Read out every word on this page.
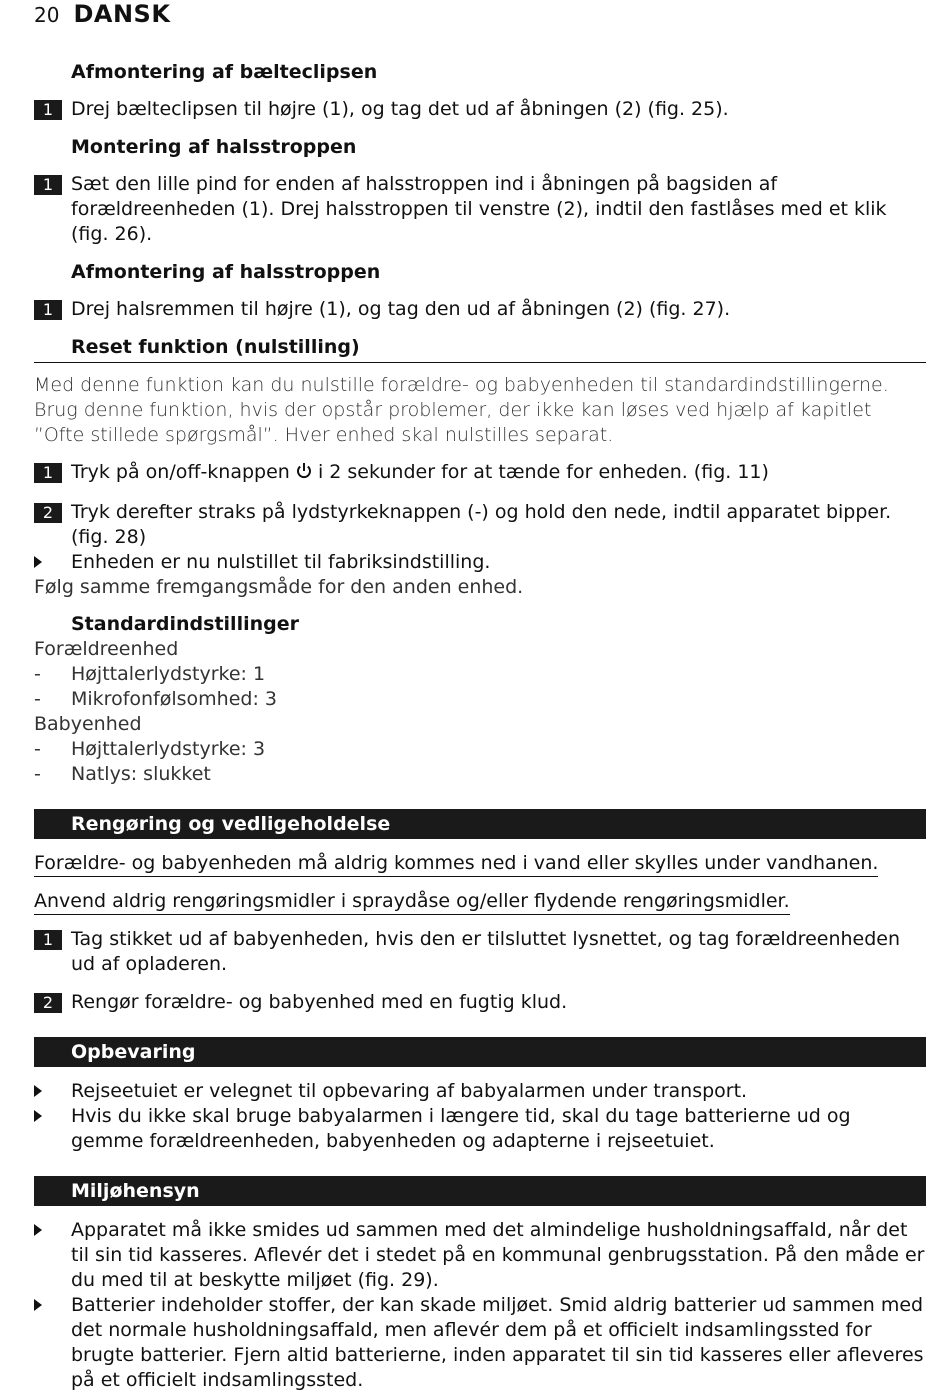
20 DANSK
Afmontering af bælteclipsen
1 Drej bælteclipsen til højre (1), og tag det ud af åbningen (2) (fig. 25).
Montering af halsstroppen
1 Sæt den lille pind for enden af halsstroppen ind i åbningen på bagsiden af forældreenheden (1). Drej halsstroppen til venstre (2), indtil den fastlåses med et klik (fig. 26).
Afmontering af halsstroppen
1 Drej halsremmen til højre (1), og tag den ud af åbningen (2) (fig. 27).
Reset funktion (nulstilling)
Med denne funktion kan du nulstille forældre- og babyenheden til standardindstillingerne. Brug denne funktion, hvis der opstår problemer, der ikke kan løses ved hjælp af kapitlet ”Ofte stillede spørgsmål”. Hver enhed skal nulstilles separat.
1 Tryk på on/off-knappen i 2 sekunder for at tænde for enheden. (fig. 11)
2 Tryk derefter straks på lydstyrkeknappen (-) og hold den nede, indtil apparatet bipper. (fig. 28)
Enheden er nu nulstillet til fabriksindstilling.
Følg samme fremgangsmåde for den anden enhed.
Standardindstillinger
Forældreenhed
- Højttalerlydstyrke: 1
- Mikrofonfølsomhed: 3
Babyenhed
- Højttalerlydstyrke: 3
- Natlys: slukket
Rengøring og vedligeholdelse
Forældre- og babyenheden må aldrig kommes ned i vand eller skylles under vandhanen.
Anvend aldrig rengøringsmidler i spraydåse og/eller flydende rengøringsmidler.
1 Tag stikket ud af babyenheden, hvis den er tilsluttet lysnettet, og tag forældreenheden ud af opladeren.
2 Rengør forældre- og babyenhed med en fugtig klud.
Opbevaring
Rejseetuiet er velegnet til opbevaring af babyalarmen under transport.
Hvis du ikke skal bruge babyalarmen i længere tid, skal du tage batterierne ud og gemme forældreenheden, babyenheden og adapterne i rejseetuiet.
Miljøhensyn
Apparatet må ikke smides ud sammen med det almindelige husholdningsaffald, når det til sin tid kasseres. Aflevér det i stedet på en kommunal genbrugsstation. På den måde er du med til at beskytte miljøet (fig. 29).
Batterier indeholder stoffer, der kan skade miljøet. Smid aldrig batterier ud sammen med det normale husholdningsaffald, men aflevér dem på et officielt indsamlingssted for brugte batterier. Fjern altid batterierne, inden apparatet til sin tid kasseres eller afleveres på et officielt indsamlingssted.
